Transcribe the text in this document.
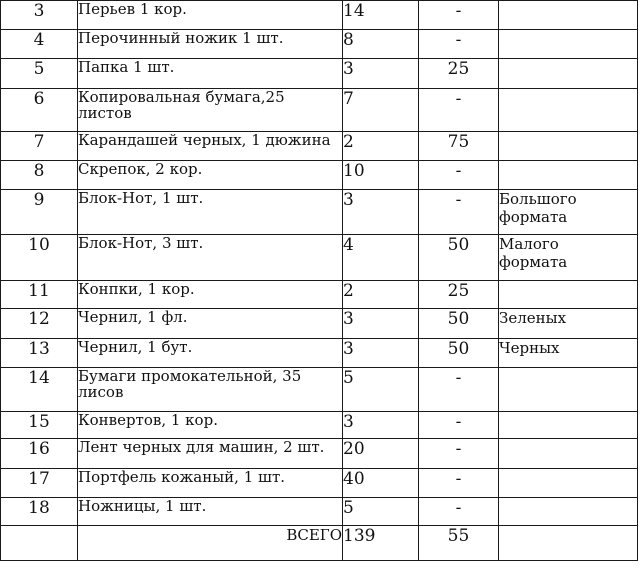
3	Перьев 1 кор.	14	-	
4	Перочинный ножик 1 шт.	8	-	
5	Папка 1 шт.	3	25	
6	Копировальная бумага,25
листов	7	-	
7	Карандашей черных, 1 дюжина	2	75	
8	Скрепок, 2 кор.	10	-	
9	Блок-Нот, 1 шт.	3	-	Большого
формата

10	Блок-Нот, 3 шт.	4	50	Малого
формата

11	Конпки, 1 кор.	2	25	
12	Чернил, 1 фл.	3	50	Зеленых

13	Чернил, 1 бут.	3	50	Черных

14	Бумаги промокательной, 35
лисов	5	-	
15	Конвертов, 1 кор.	3	-	
16	Лент черных для машин, 2 шт.	20	-	
17	Портфель кожаный, 1 шт.	40	-	
18	Ножницы, 1 шт.	5	-	
	ВСЕГО	139	55	
